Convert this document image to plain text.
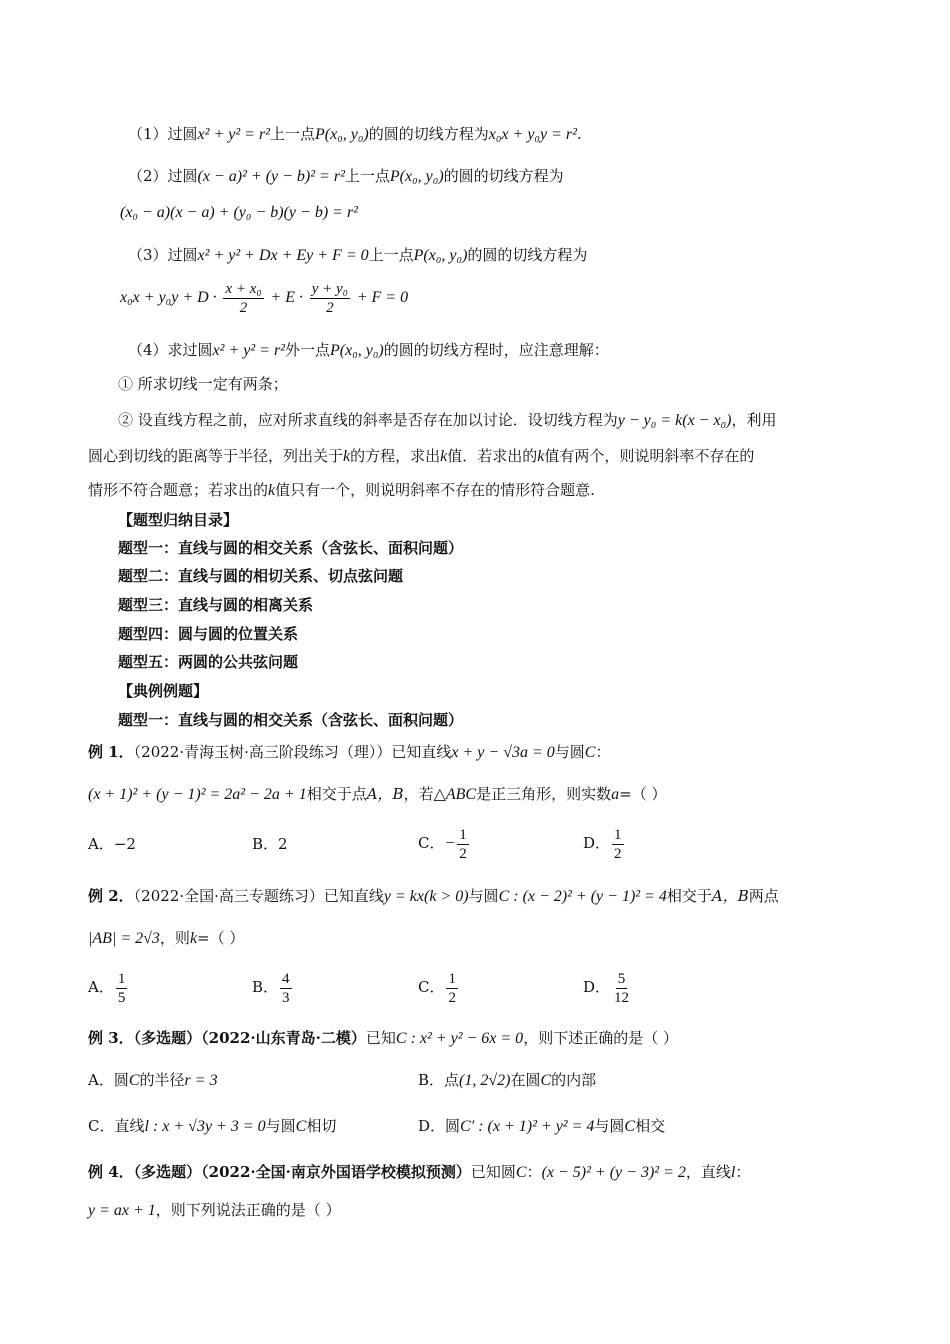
（1）过圆x² + y² = r²上一点P(x₀, y₀)的圆的切线方程为x₀x + y₀y = r².
（2）过圆(x − a)² + (y − b)² = r²上一点P(x₀, y₀)的圆的切线方程为
(x₀ − a)(x − a) + (y₀ − b)(y − b) = r²
（3）过圆x² + y² + Dx + Ey + F = 0上一点P(x₀, y₀)的圆的切线方程为
$x_0x + y_0y + D \cdot \frac{\text{x + x₀}}{2} + E \cdot \frac{\text{y + y₀}}{2} + F = 0$
（4）求过圆x² + y² = r²外一点P(x₀, y₀)的圆的切线方程时，应注意理解：
① 所求切线一定有两条；
② 设直线方程之前，应对所求直线的斜率是否存在加以讨论．设切线方程为y − y₀ = k(x − x₀)，利用
圆心到切线的距离等于半径，列出关于k的方程，求出k值．若求出的k值有两个，则说明斜率不存在的
情形不符合题意；若求出的k值只有一个，则说明斜率不存在的情形符合题意.
【题型归纳目录】
题型一：直线与圆的相交关系（含弦长、面积问题）
题型二：直线与圆的相切关系、切点弦问题
题型三：直线与圆的相离关系
题型四：圆与圆的位置关系
题型五：两圆的公共弦问题
【典例例题】
题型一：直线与圆的相交关系（含弦长、面积问题）
例 1．（2022·青海玉树·高三阶段练习（理））已知直线x + y − √3a = 0与圆C：
(x + 1)² + (y − 1)² = 2a² − 2a + 1相交于点A，B，若△ABC是正三角形，则实数a=（ ）
A．−2	B．2	C．− $\frac{1}{2}$	D． $\frac{1}{2}$
例 2．（2022·全国·高三专题练习）已知直线y = kx(k > 0)与圆C : (x − 2)² + (y − 1)² = 4相交于A，B两点
|AB| = 2√3，则k=（ ）
A． $\frac{1}{5}$	B． $\frac{4}{3}$	C． $\frac{1}{2}$	D． $\frac{5}{12}$
例 3．（多选题）（2022·山东青岛·二模）已知C : x² + y² − 6x = 0，则下述正确的是（ ）
A．圆C的半径r = 3	B．点(1, 2√2)在圆C的内部
C．直线l : x + √3y + 3 = 0与圆C相切	D．圆C′ : (x + 1)² + y² = 4与圆C相交
例 4．（多选题）（2022·全国·南京外国语学校模拟预测）已知圆C：(x − 5)² + (y − 3)² = 2，直线l：
y = ax + 1，则下列说法正确的是（ ）
